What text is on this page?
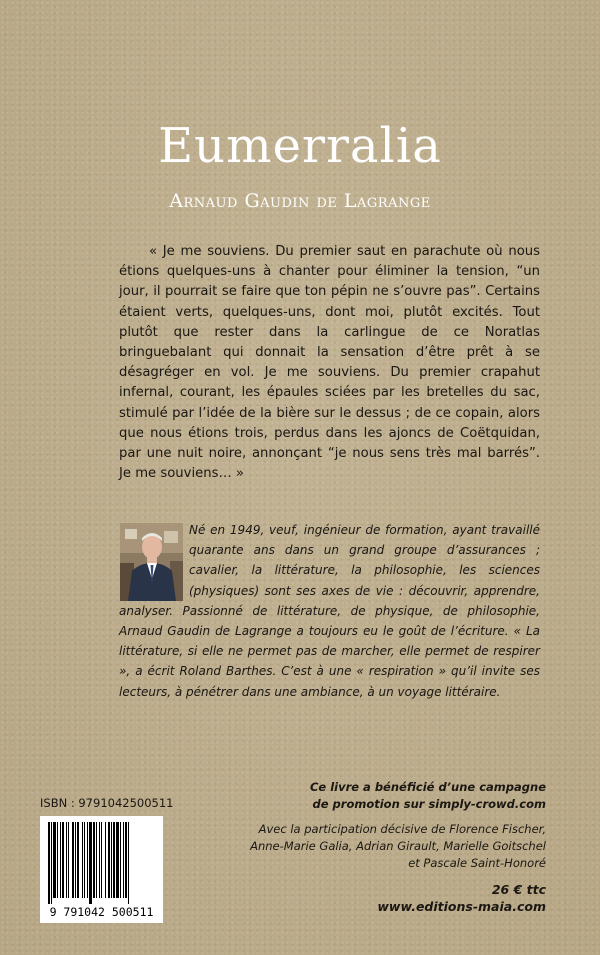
Eumerralia
Arnaud Gaudin de Lagrange
« Je me souviens. Du premier saut en parachute où nous étions quelques-uns à chanter pour éliminer la tension, “un jour, il pourrait se faire que ton pépin ne s’ouvre pas”. Certains étaient verts, quelques-uns, dont moi, plutôt excités. Tout plutôt que rester dans la carlingue de ce Noratlas bringuebalant qui donnait la sensation d’être prêt à se désagréger en vol. Je me souviens. Du premier crapahut infernal, courant, les épaules sciées par les bretelles du sac, stimulé par l’idée de la bière sur le dessus ; de ce copain, alors que nous étions trois, perdus dans les ajoncs de Coëtquidan, par une nuit noire, annonçant “je nous sens très mal barrés”. Je me souviens… »
Né en 1949, veuf, ingénieur de formation, ayant travaillé quarante ans dans un grand groupe d’assurances ; cavalier, la littérature, la philosophie, les sciences (physiques) sont ses axes de vie : découvrir, apprendre, analyser. Passionné de littérature, de physique, de philosophie, Arnaud Gaudin de Lagrange a toujours eu le goût de l’écriture. « La littérature, si elle ne permet pas de marcher, elle permet de respirer », a écrit Roland Barthes. C’est à une « respiration » qu’il invite ses lecteurs, à pénétrer dans une ambiance, à un voyage littéraire.
ISBN : 9791042500511
9 791042 500511
Ce livre a bénéficié d’une campagne
de promotion sur simply-crowd.com
Avec la participation décisive de Florence Fischer,
Anne-Marie Galia, Adrian Girault, Marielle Goitschel
et Pascale Saint-Honoré
26 € ttc
www.editions-maia.com
